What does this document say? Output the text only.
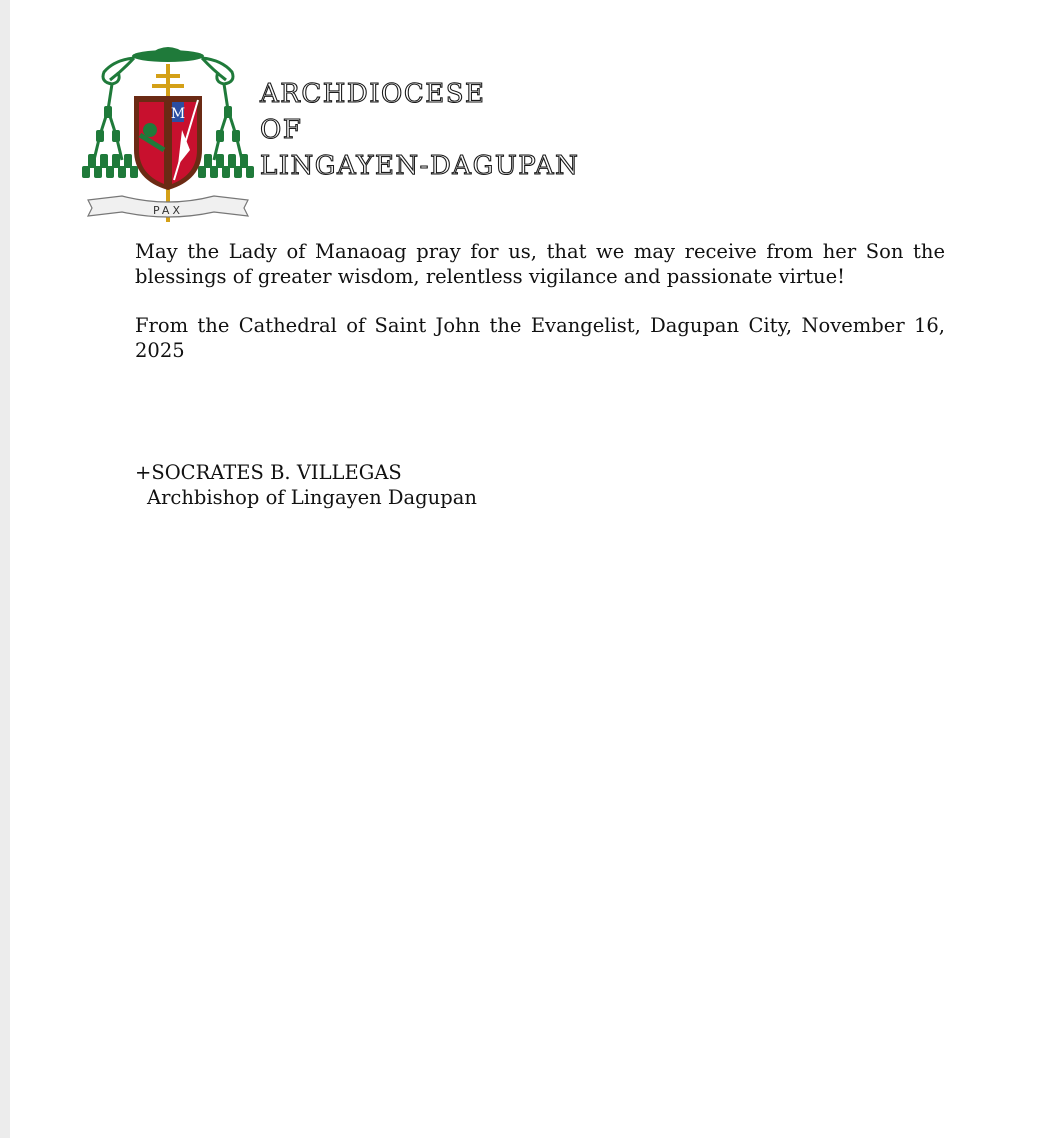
M
PAX
ARCHDIOCESE
OF
LINGAYEN-DAGUPAN

May the Lady of Manaoag pray for us, that we may receive from her Son the blessings of greater wisdom, relentless vigilance and passionate virtue!

From the Cathedral of Saint John the Evangelist, Dagupan City, November 16, 2025

+SOCRATES B. VILLEGAS
Archbishop of Lingayen Dagupan
